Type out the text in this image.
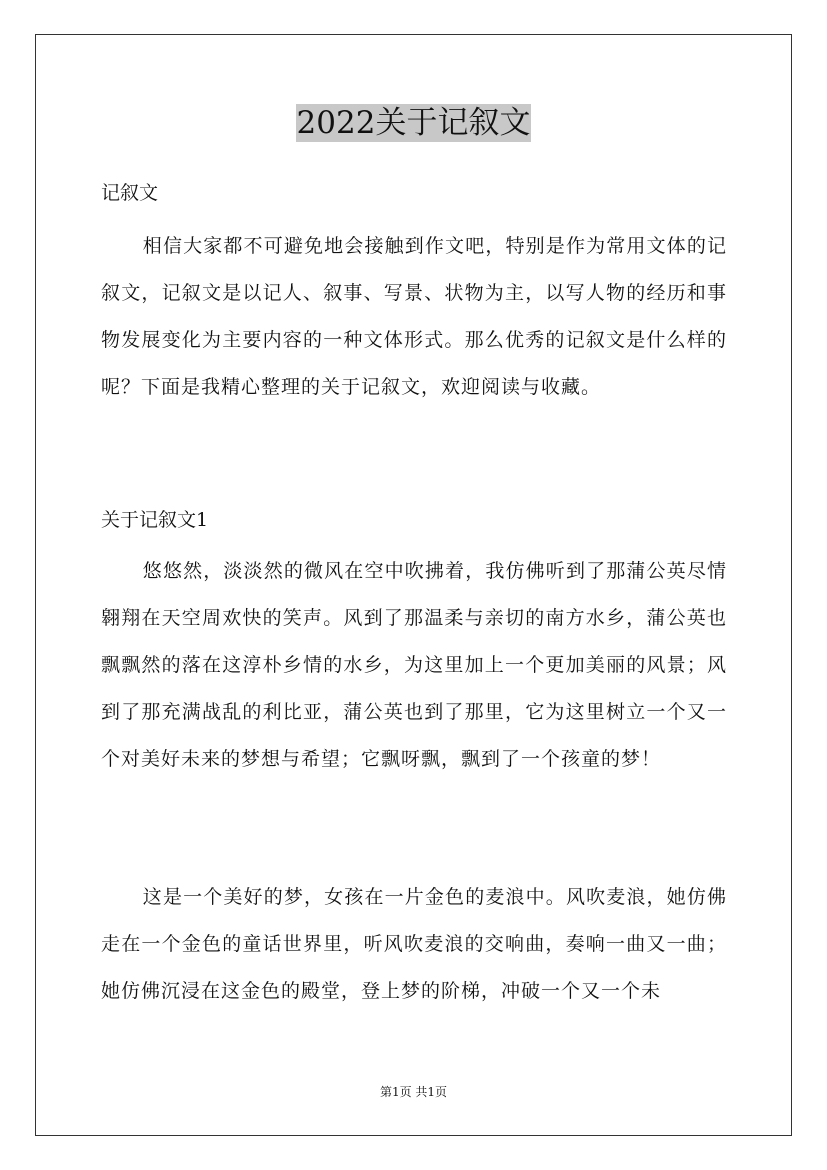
2022关于记叙文
记叙文

相信大家都不可避免地会接触到作文吧，特别是作为常用文体的记叙文，记叙文是以记人、叙事、写景、状物为主，以写人物的经历和事物发展变化为主要内容的一种文体形式。那么优秀的记叙文是什么样的呢？下面是我精心整理的关于记叙文，欢迎阅读与收藏。

关于记叙文1

悠悠然，淡淡然的微风在空中吹拂着，我仿佛听到了那蒲公英尽情翱翔在天空周欢快的笑声。风到了那温柔与亲切的南方水乡，蒲公英也飘飘然的落在这淳朴乡情的水乡，为这里加上一个更加美丽的风景；风到了那充满战乱的利比亚，蒲公英也到了那里，它为这里树立一个又一个对美好未来的梦想与希望；它飘呀飘，飘到了一个孩童的梦！

这是一个美好的梦，女孩在一片金色的麦浪中。风吹麦浪，她仿佛走在一个金色的童话世界里，听风吹麦浪的交响曲，奏响一曲又一曲；她仿佛沉浸在这金色的殿堂，登上梦的阶梯，冲破一个又一个未

第1页 共1页
